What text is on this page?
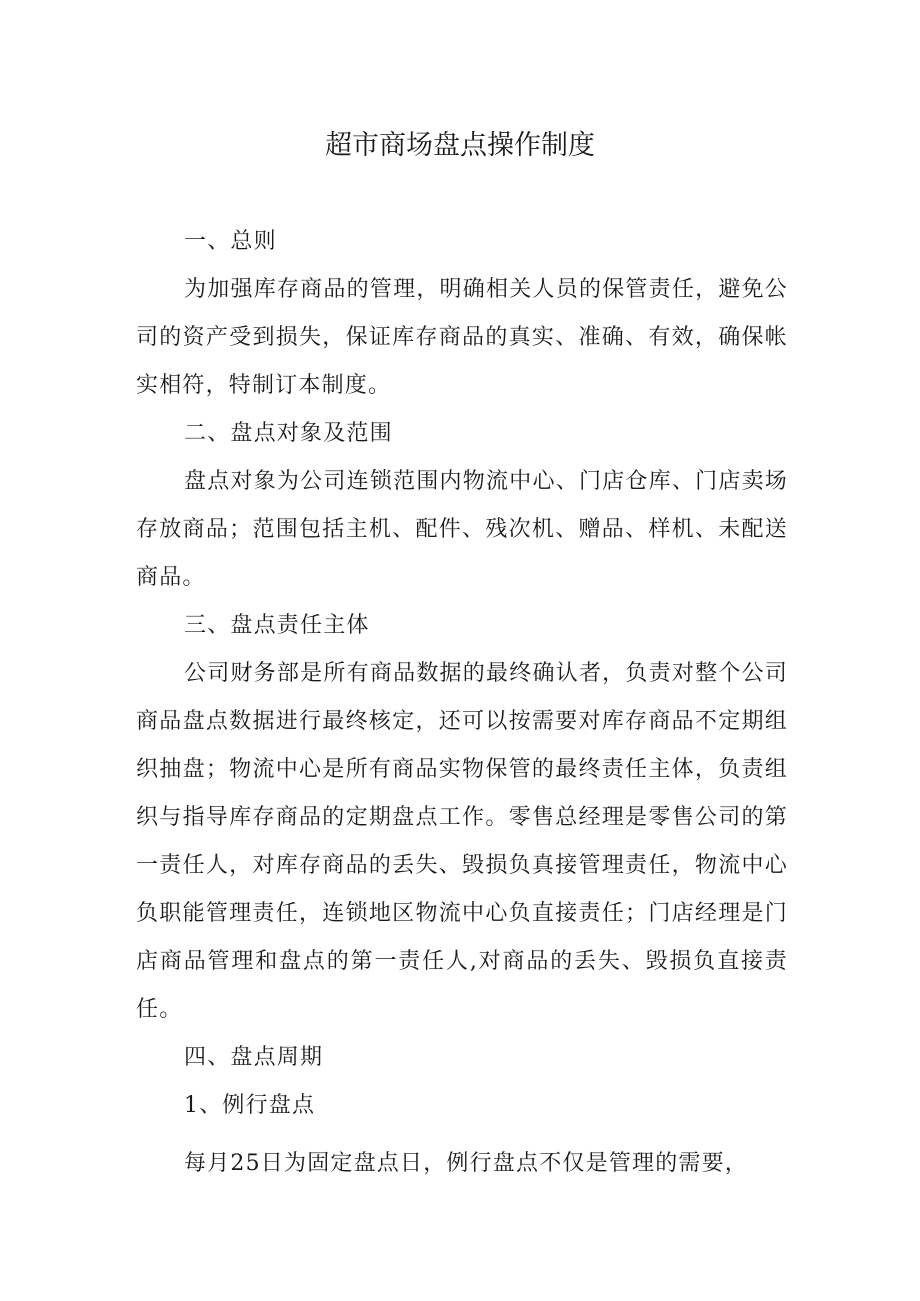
超市商场盘点操作制度

一、总则

为加强库存商品的管理，明确相关人员的保管责任，避免公司的资产受到损失，保证库存商品的真实、准确、有效，确保帐实相符，特制订本制度。

二、盘点对象及范围

盘点对象为公司连锁范围内物流中心、门店仓库、门店卖场存放商品；范围包括主机、配件、残次机、赠品、样机、未配送商品。

三、盘点责任主体

公司财务部是所有商品数据的最终确认者，负责对整个公司商品盘点数据进行最终核定，还可以按需要对库存商品不定期组织抽盘；物流中心是所有商品实物保管的最终责任主体，负责组织与指导库存商品的定期盘点工作。零售总经理是零售公司的第一责任人，对库存商品的丢失、毁损负真接管理责任，物流中心负职能管理责任，连锁地区物流中心负直接责任；门店经理是门店商品管理和盘点的第一责任人,对商品的丢失、毁损负直接责任。

四、盘点周期

1、例行盘点

每月25日为固定盘点日，例行盘点不仅是管理的需要，
